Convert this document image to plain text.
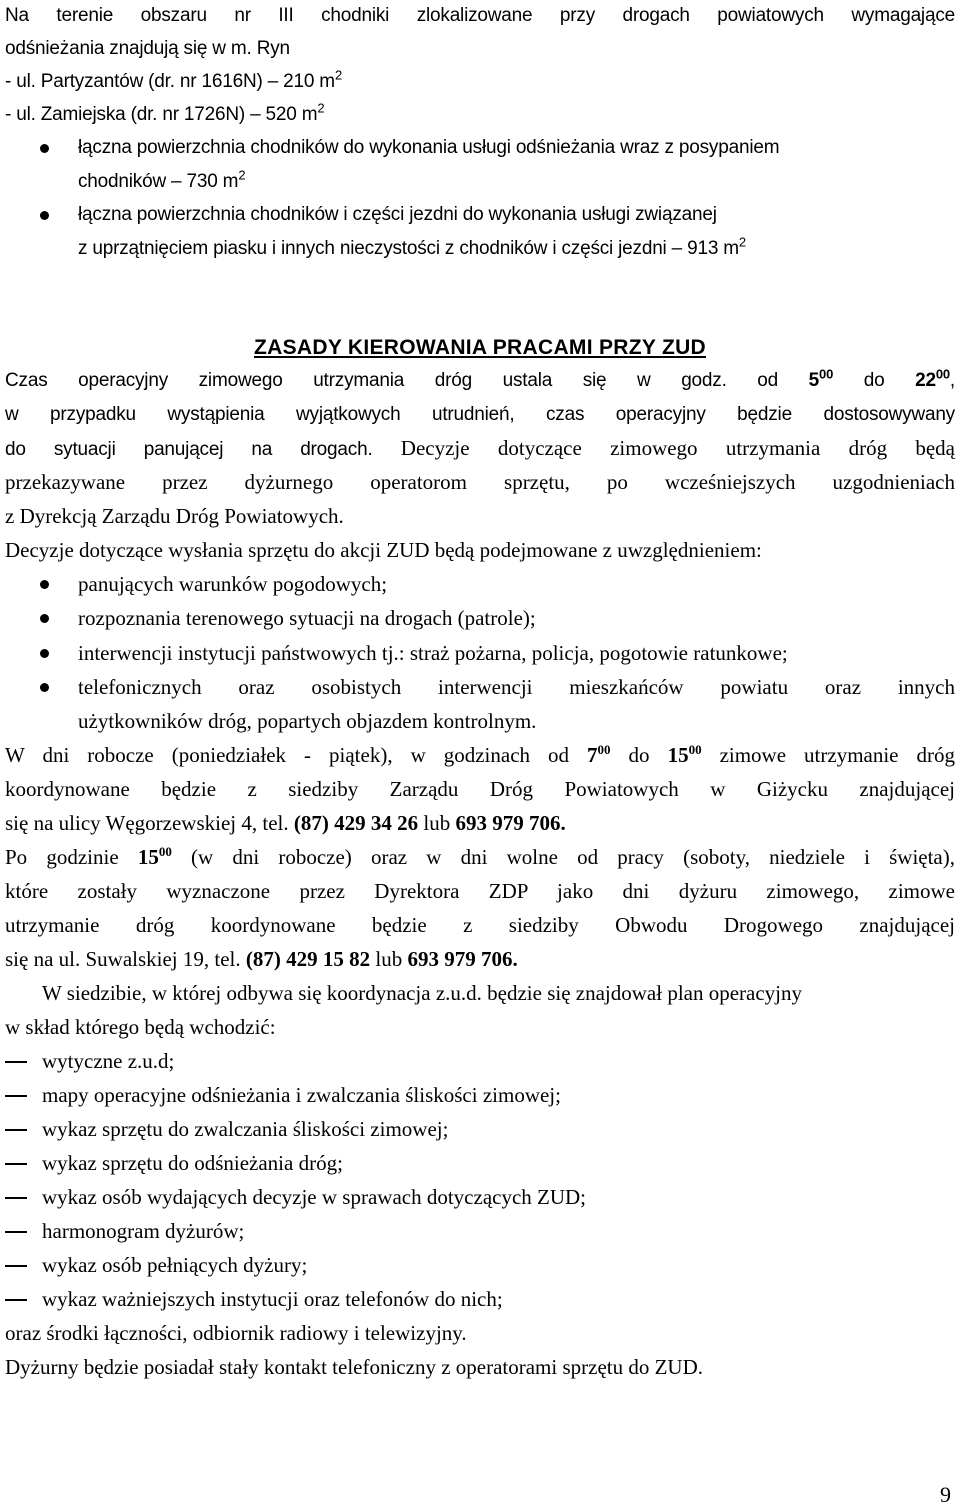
Na terenie obszaru nr III chodniki zlokalizowane przy drogach powiatowych wymagające
odśnieżania znajdują się w m. Ryn
- ul. Partyzantów (dr. nr 1616N) – 210 $m^2$
- ul. Zamiejska (dr. nr 1726N) – 520 $m^2$
łączna powierzchnia chodników do wykonania usługi odśnieżania wraz z posypaniem
chodników – 730 $m^2$
łączna powierzchnia chodników i części jezdni do wykonania usługi związanej
z uprzątnięciem piasku i innych nieczystości z chodników i części jezdni – 913 $m^2$
ZASADY KIEROWANIA PRACAMI PRZY ZUD
Czas operacyjny zimowego utrzymania dróg ustala się w godz. od $5^{00}$ do $22^{00}$,
w przypadku wystąpienia wyjątkowych utrudnień, czas operacyjny będzie dostosowywany
do sytuacji panującej na drogach. Decyzje dotyczące zimowego utrzymania dróg będą
przekazywane przez dyżurnego operatorom sprzętu, po wcześniejszych uzgodnieniach
z Dyrekcją Zarządu Dróg Powiatowych.
Decyzje dotyczące wysłania sprzętu do akcji ZUD będą podejmowane z uwzględnieniem:
panujących warunków pogodowych;
rozpoznania terenowego sytuacji na drogach (patrole);
interwencji instytucji państwowych tj.: straż pożarna, policja, pogotowie ratunkowe;
telefonicznych oraz osobistych interwencji mieszkańców powiatu oraz innych
użytkowników dróg, popartych objazdem kontrolnym.
W dni robocze (poniedziałek - piątek), w godzinach od $7^{00}$ do $15^{00}$ zimowe utrzymanie dróg
koordynowane będzie z siedziby Zarządu Dróg Powiatowych w Giżycku znajdującej
się na ulicy Węgorzewskiej 4, tel. (87) 429 34 26 lub 693 979 706.
Po godzinie $15^{00}$ (w dni robocze) oraz w dni wolne od pracy (soboty, niedziele i święta),
które zostały wyznaczone przez Dyrektora ZDP jako dni dyżuru zimowego, zimowe
utrzymanie dróg koordynowane będzie z siedziby Obwodu Drogowego znajdującej
się na ul. Suwalskiej 19, tel. (87) 429 15 82 lub 693 979 706.
W siedzibie, w której odbywa się koordynacja z.u.d. będzie się znajdował plan operacyjny
w skład którego będą wchodzić:
wytyczne z.u.d;
mapy operacyjne odśnieżania i zwalczania śliskości zimowej;
wykaz sprzętu do zwalczania śliskości zimowej;
wykaz sprzętu do odśnieżania dróg;
wykaz osób wydających decyzje w sprawach dotyczących ZUD;
harmonogram dyżurów;
wykaz osób pełniących dyżury;
wykaz ważniejszych instytucji oraz telefonów do nich;
oraz środki łączności, odbiornik radiowy i telewizyjny.
Dyżurny będzie posiadał stały kontakt telefoniczny z operatorami sprzętu do ZUD.
9
